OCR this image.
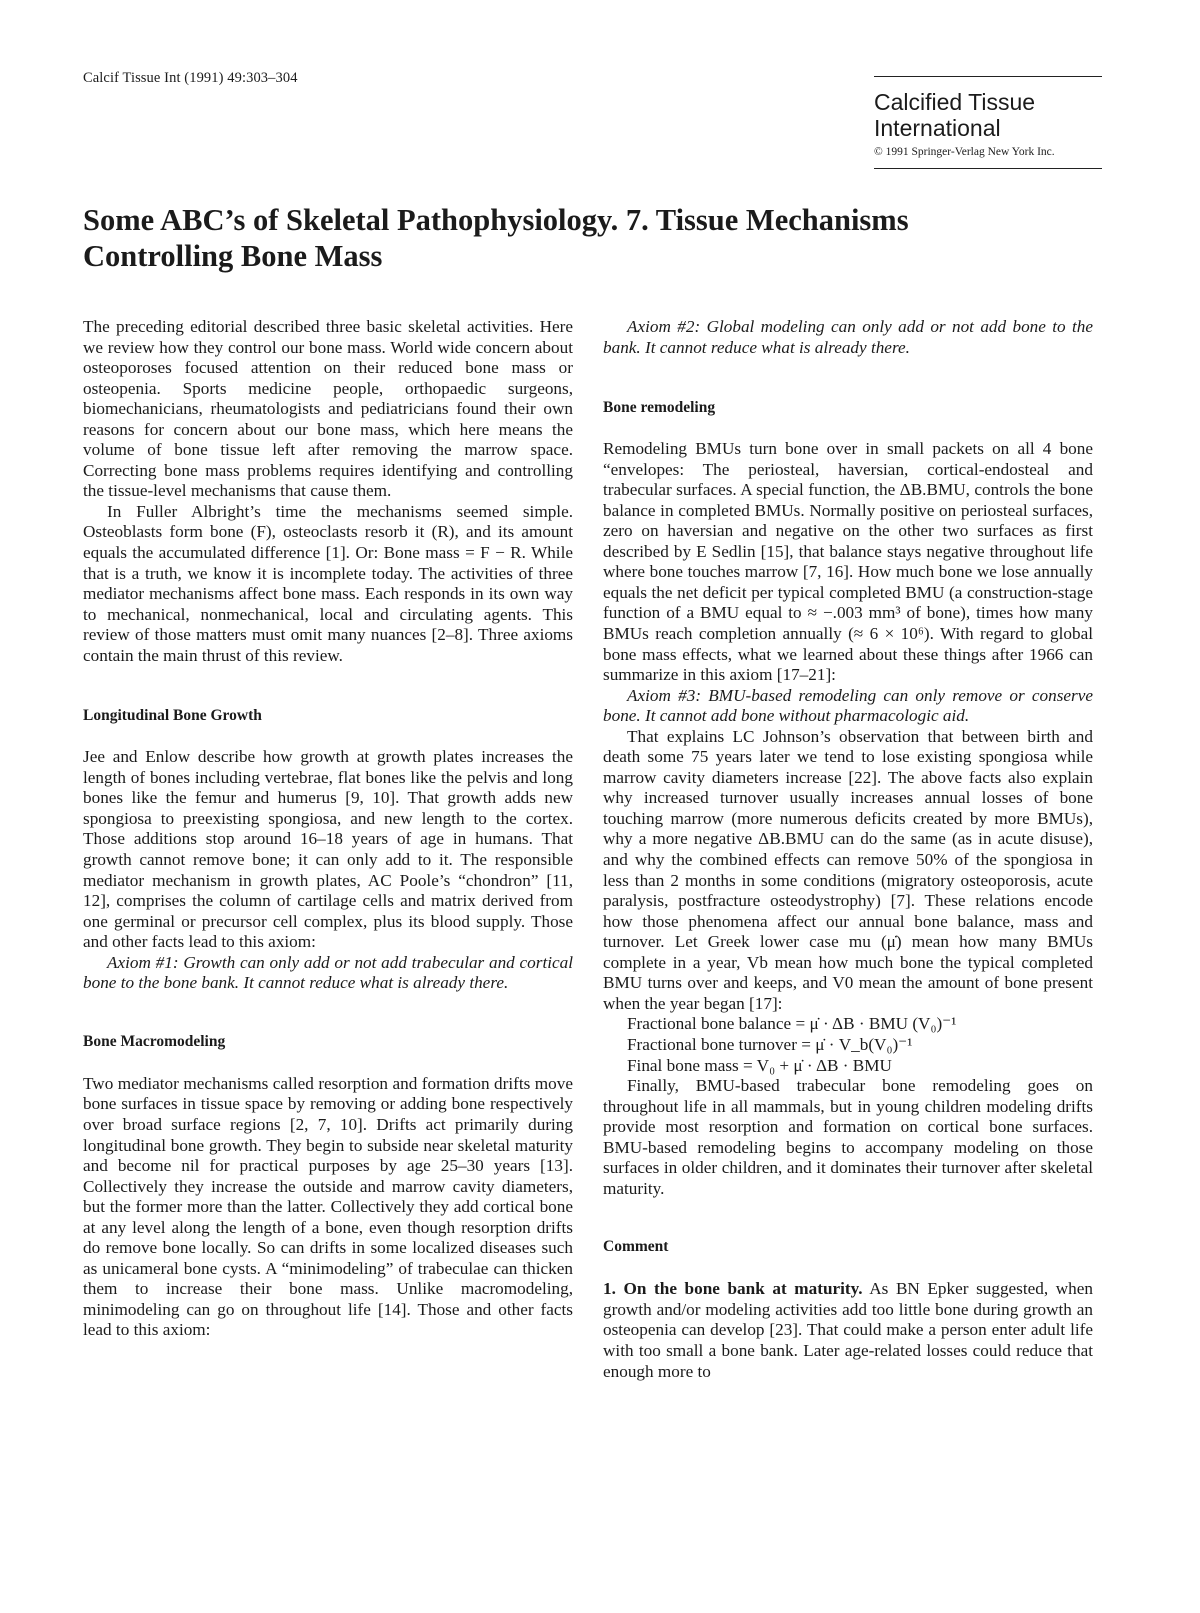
Calcif Tissue Int (1991) 49:303–304
Calcified Tissue
International
© 1991 Springer-Verlag New York Inc.
Some ABC’s of Skeletal Pathophysiology. 7. Tissue Mechanisms
Controlling Bone Mass

The preceding editorial described three basic skeletal activities. Here we review how they control our bone mass. World wide concern about osteoporoses focused attention on their reduced bone mass or osteopenia. Sports medicine people, orthopaedic surgeons, biomechanicians, rheumatologists and pediatricians found their own reasons for concern about our bone mass, which here means the volume of bone tissue left after removing the marrow space. Correcting bone mass problems requires identifying and controlling the tissue-level mechanisms that cause them.

In Fuller Albright’s time the mechanisms seemed simple. Osteoblasts form bone (F), osteoclasts resorb it (R), and its amount equals the accumulated difference [1]. Or: Bone mass = F − R. While that is a truth, we know it is incomplete today. The activities of three mediator mechanisms affect bone mass. Each responds in its own way to mechanical, nonmechanical, local and circulating agents. This review of those matters must omit many nuances [2–8]. Three axioms contain the main thrust of this review.

Longitudinal Bone Growth

Jee and Enlow describe how growth at growth plates increases the length of bones including vertebrae, flat bones like the pelvis and long bones like the femur and humerus [9, 10]. That growth adds new spongiosa to preexisting spongiosa, and new length to the cortex. Those additions stop around 16–18 years of age in humans. That growth cannot remove bone; it can only add to it. The responsible mediator mechanism in growth plates, AC Poole’s “chondron” [11, 12], comprises the column of cartilage cells and matrix derived from one germinal or precursor cell complex, plus its blood supply. Those and other facts lead to this axiom:

Axiom #1: Growth can only add or not add trabecular and cortical bone to the bone bank. It cannot reduce what is already there.

Bone Macromodeling

Two mediator mechanisms called resorption and formation drifts move bone surfaces in tissue space by removing or adding bone respectively over broad surface regions [2, 7, 10]. Drifts act primarily during longitudinal bone growth. They begin to subside near skeletal maturity and become nil for practical purposes by age 25–30 years [13]. Collectively they increase the outside and marrow cavity diameters, but the former more than the latter. Collectively they add cortical bone at any level along the length of a bone, even though resorption drifts do remove bone locally. So can drifts in some localized diseases such as unicameral bone cysts. A “minimodeling” of trabeculae can thicken them to increase their bone mass. Unlike macromodeling, minimodeling can go on throughout life [14]. Those and other facts lead to this axiom:

Axiom #2: Global modeling can only add or not add bone to the bank. It cannot reduce what is already there.

Bone remodeling

Remodeling BMUs turn bone over in small packets on all 4 bone “envelopes: The periosteal, haversian, cortical-endosteal and trabecular surfaces. A special function, the ΔB.BMU, controls the bone balance in completed BMUs. Normally positive on periosteal surfaces, zero on haversian and negative on the other two surfaces as first described by E Sedlin [15], that balance stays negative throughout life where bone touches marrow [7, 16]. How much bone we lose annually equals the net deficit per typical completed BMU (a construction-stage function of a BMU equal to ≈ −.003 mm³ of bone), times how many BMUs reach completion annually (≈ 6 × 10⁶). With regard to global bone mass effects, what we learned about these things after 1966 can summarize in this axiom [17–21]:

Axiom #3: BMU-based remodeling can only remove or conserve bone. It cannot add bone without pharmacologic aid.

That explains LC Johnson’s observation that between birth and death some 75 years later we tend to lose existing spongiosa while marrow cavity diameters increase [22]. The above facts also explain why increased turnover usually increases annual losses of bone touching marrow (more numerous deficits created by more BMUs), why a more negative ΔB.BMU can do the same (as in acute disuse), and why the combined effects can remove 50% of the spongiosa in less than 2 months in some conditions (migratory osteoporosis, acute paralysis, postfracture osteodystrophy) [7]. These relations encode how those phenomena affect our annual bone balance, mass and turnover. Let Greek lower case mu (μ̇) mean how many BMUs complete in a year, Vb mean how much bone the typical completed BMU turns over and keeps, and V0 mean the amount of bone present when the year began [17]:

Fractional bone balance = μ̇ · ΔB · BMU (V₀)⁻¹
Fractional bone turnover = μ̇ · V_b(V₀)⁻¹
Final bone mass = V₀ + μ̇ · ΔB · BMU

Finally, BMU-based trabecular bone remodeling goes on throughout life in all mammals, but in young children modeling drifts provide most resorption and formation on cortical bone surfaces. BMU-based remodeling begins to accompany modeling on those surfaces in older children, and it dominates their turnover after skeletal maturity.

Comment

1. On the bone bank at maturity. As BN Epker suggested, when growth and/or modeling activities add too little bone during growth an osteopenia can develop [23]. That could make a person enter adult life with too small a bone bank. Later age-related losses could reduce that enough more to
